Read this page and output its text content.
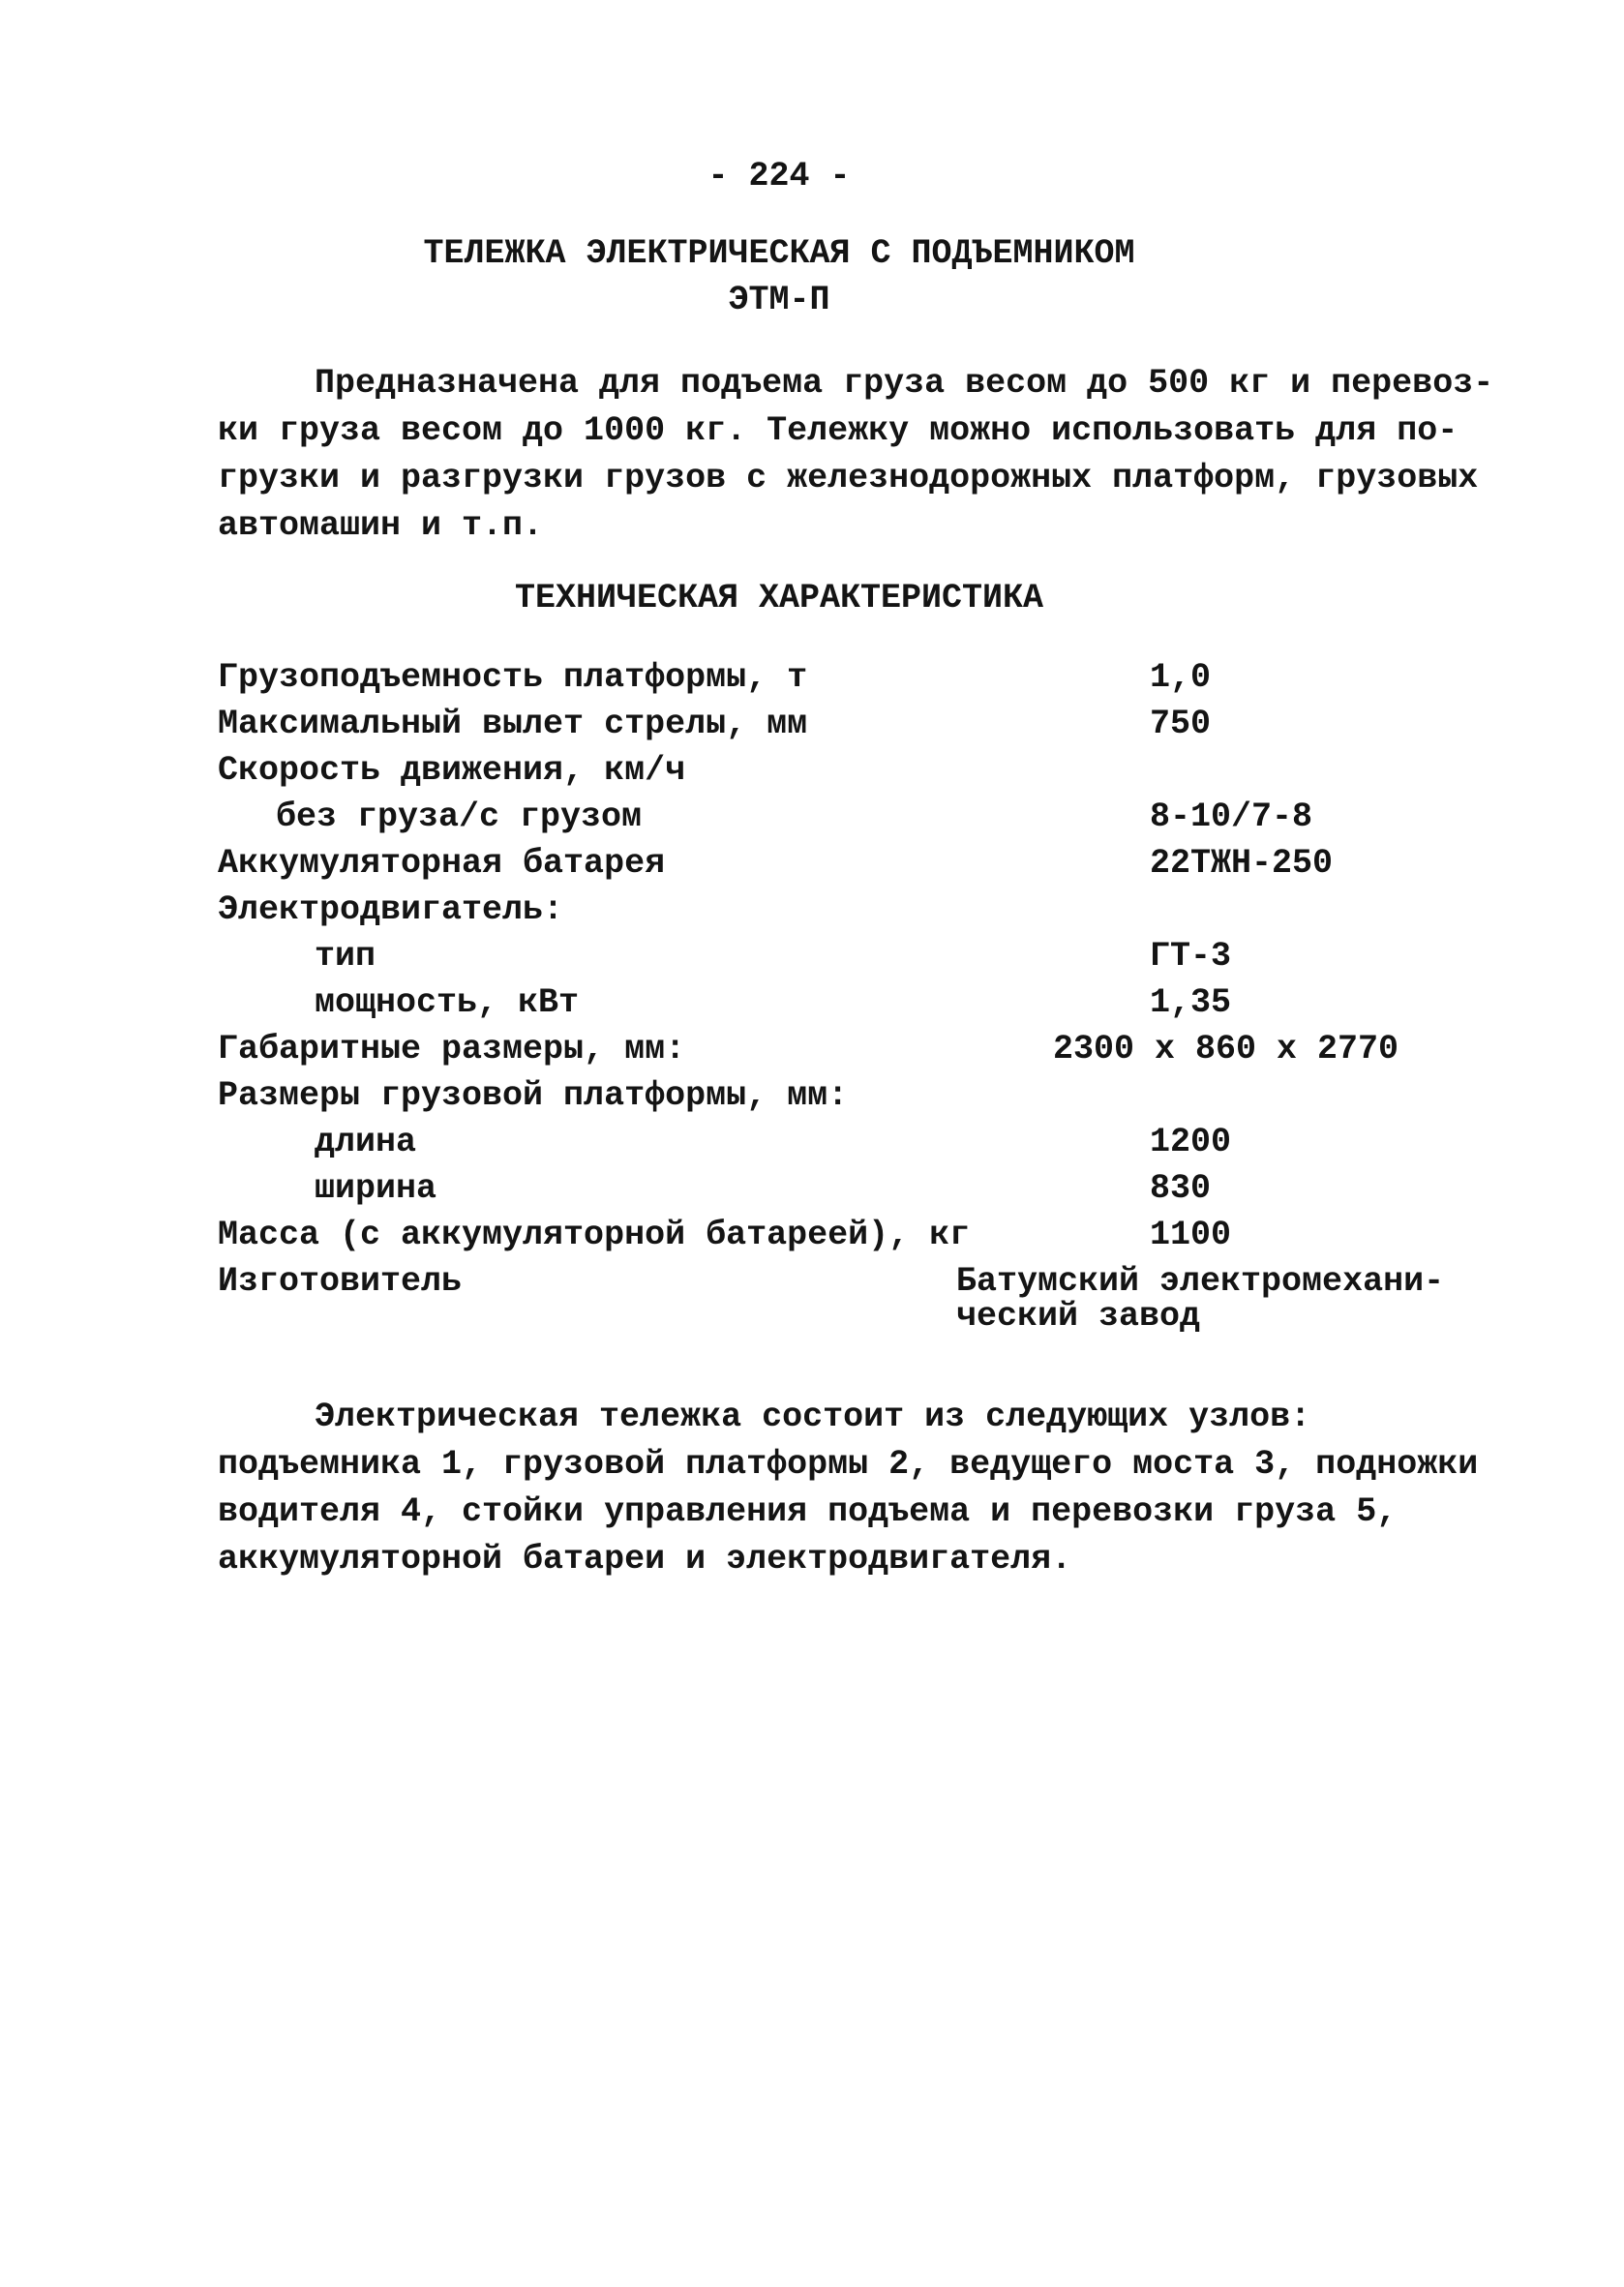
- 224 -
ТЕЛЕЖКА ЭЛЕКТРИЧЕСКАЯ С ПОДЪЕМНИКОМ
ЭТМ-П
Предназначена для подъема груза весом до 500 кг и перевоз-
ки груза весом до 1000 кг. Тележку можно использовать для по-
грузки и разгрузки грузов с железнодорожных платформ, грузовых
автомашин и т.п.
ТЕХНИЧЕСКАЯ ХАРАКТЕРИСТИКА
Грузоподъемность платформы, т	1,0
Максимальный вылет стрелы, мм	750
Скорость движения, км/ч
без груза/с грузом	8-10/7-8
Аккумуляторная батарея	22ТЖН-250
Электродвигатель:
тип	ГТ-3
мощность, кВт	1,35
Габаритные размеры, мм:	2300 х 860 х 2770
Размеры грузовой платформы, мм:
длина	1200
ширина	830
Масса (с аккумуляторной батареей), кг	1100
Изготовитель	Батумский электромехани-
ческий завод
Электрическая тележка состоит из следующих узлов:
подъемника 1, грузовой платформы 2, ведущего моста 3, подножки
водителя 4, стойки управления подъема и перевозки груза 5,
аккумуляторной батареи и электродвигателя.
